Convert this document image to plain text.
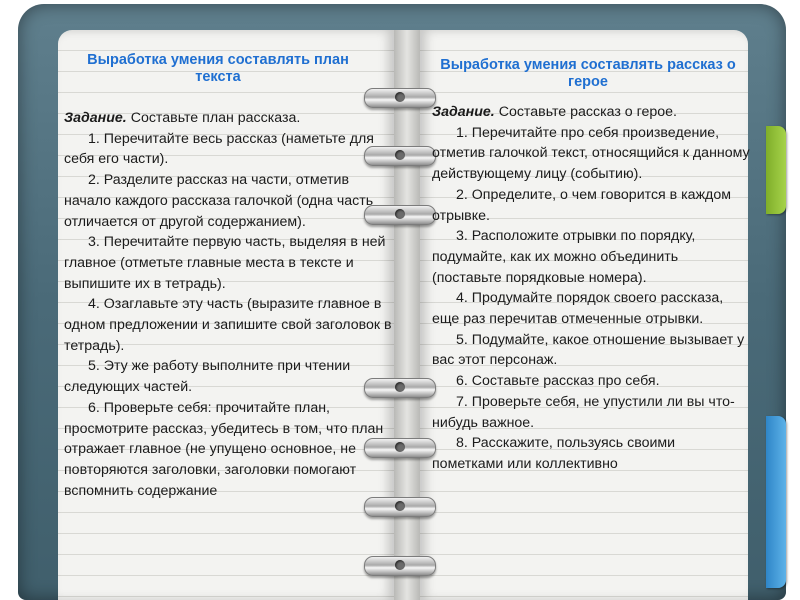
Выработка умения составлять план текста
Выработка умения составлять рассказ о герое

Задание. Составьте план рассказа.

1. Перечитайте весь рассказ (наметьте для себя его части).

2. Разделите рассказ на части, отметив начало каждого рассказа галочкой (одна часть отличается от другой содержанием).

3. Перечитайте первую часть, выделяя в ней главное (отметьте главные места в тексте и выпишите их в тетрадь).

4. Озаглавьте эту часть (выразите главное в одном предложении и запишите свой заголовок в тетрадь).

5. Эту же работу выполните при чтении следующих частей.

6. Проверьте себя: прочитайте план, просмотрите рассказ, убедитесь в том, что план отражает главное (не упущено основное, не повторяются заголовки, заголовки помогают вспомнить содержание

Задание. Составьте рассказ о герое.

1. Перечитайте про себя произведение, отметив галочкой текст, относящийся к данному действующему лицу (событию).

2. Определите, о чем говорится в каждом отрывке.

3. Расположите отрывки по порядку, подумайте, как их можно объединить (поставьте порядковые номера).

4. Продумайте порядок своего рассказа, еще раз перечитав отмеченные отрывки.

5. Подумайте, какое отношение вызывает у вас этот персонаж.

6. Составьте рассказ про себя.

7. Проверьте себя, не упустили ли вы что-нибудь важное.

8. Расскажите, пользуясь своими пометками или коллективно
